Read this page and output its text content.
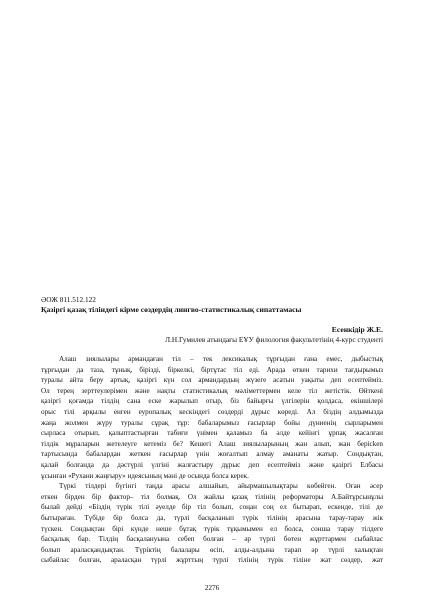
ӘОЖ 811.512.122
Қазіргі қазақ тіліндегі кірме сөздердің лингво-статистикалық сипаттамасы
Есенкідір Ж.Е.
Л.Н.Гумилев атындағы ЕҰУ филология факультетінің 4-курс студенті
Алаш зиялылары армандаған тіл – тек лексикалық тұрғыдан ғана емес, дыбыстық
тұрғыдан да таза, тұнық, бірізді, біркелкі, біртұтас тіл еді. Арада өткен тарихи тағдырымыз
туралы айта беру артық, қазіргі күн сол армандардың жүзеге асатын уақыты деп есептейміз.
Ол терең зерттеулерімен және нақты статистикалық мәліметтермен келе тіл жетістік. Өйткені
қазіргі қоғамда тілдің сана еске жарылып отыр, біз байырғы үлгілерін қолдаса, екіншілері
орыс тілі арқылы енген еуропалық кескіндегі сөздерді дұрыс көреді. Ал біздің алдымызда
жаңа жолмен жүру туралы сұрақ тұр: бабаларымыз ғасырлар бойы дүниенің сырларымен
сырласа отырып, қалыптастырған табиғи үнімен қаламыз ба әлде кейінгі ұрпақ жасалған
тілдік мұраларын жетелеуге кетеміз бе? Кешегі Алаш зиялыларының жан алып, жан берісken
тартысында бабалардан жеткен ғасырлар үнін жоғалтып алмау аманаты жатыр. Сондықтан,
қалай болғанда да дәстүрлі үлгіні жалғастыру дұрыс деп есептейміз және қазіргі Елбасы
ұсынған «Рухани жаңғыру» идеясының мәні де осында болса керек.
Түркі тілдері бүгінгі таңда арасы алшайып, айырмашылықтары көбейген. Оған әсер
еткен бірден бір фактор– тіл болмақ. Ол жайлы қазақ тілінің реформаторы А.Байтұрсынұлы
былай дейді «Біздің түрік тілі әуелде бір тіл болып, соңан соң ел бытырап, ескенде, тілі де
бытыраған. Түбіде бір болса да, түрлі басқаланып түрік тілінің арасына тарау-тарау жік
түскен. Сондықтан бірі күнде неше бұтақ түрік тұқымымен ел болса, сонша тарау тілдеге
басқалық бар. Тілдің басқалануына себеп болған – әр түрлі бөтен жұрттармен сыбайлас
болып араласқандықтан. Түріктің балалары өсіп, алды-алдына тарап әр түрлі халықтан
сыбайлас болған, араласқан түрлі жұрттың түрлі тілінің түрік тіліне жат сөздер, жат
2276
